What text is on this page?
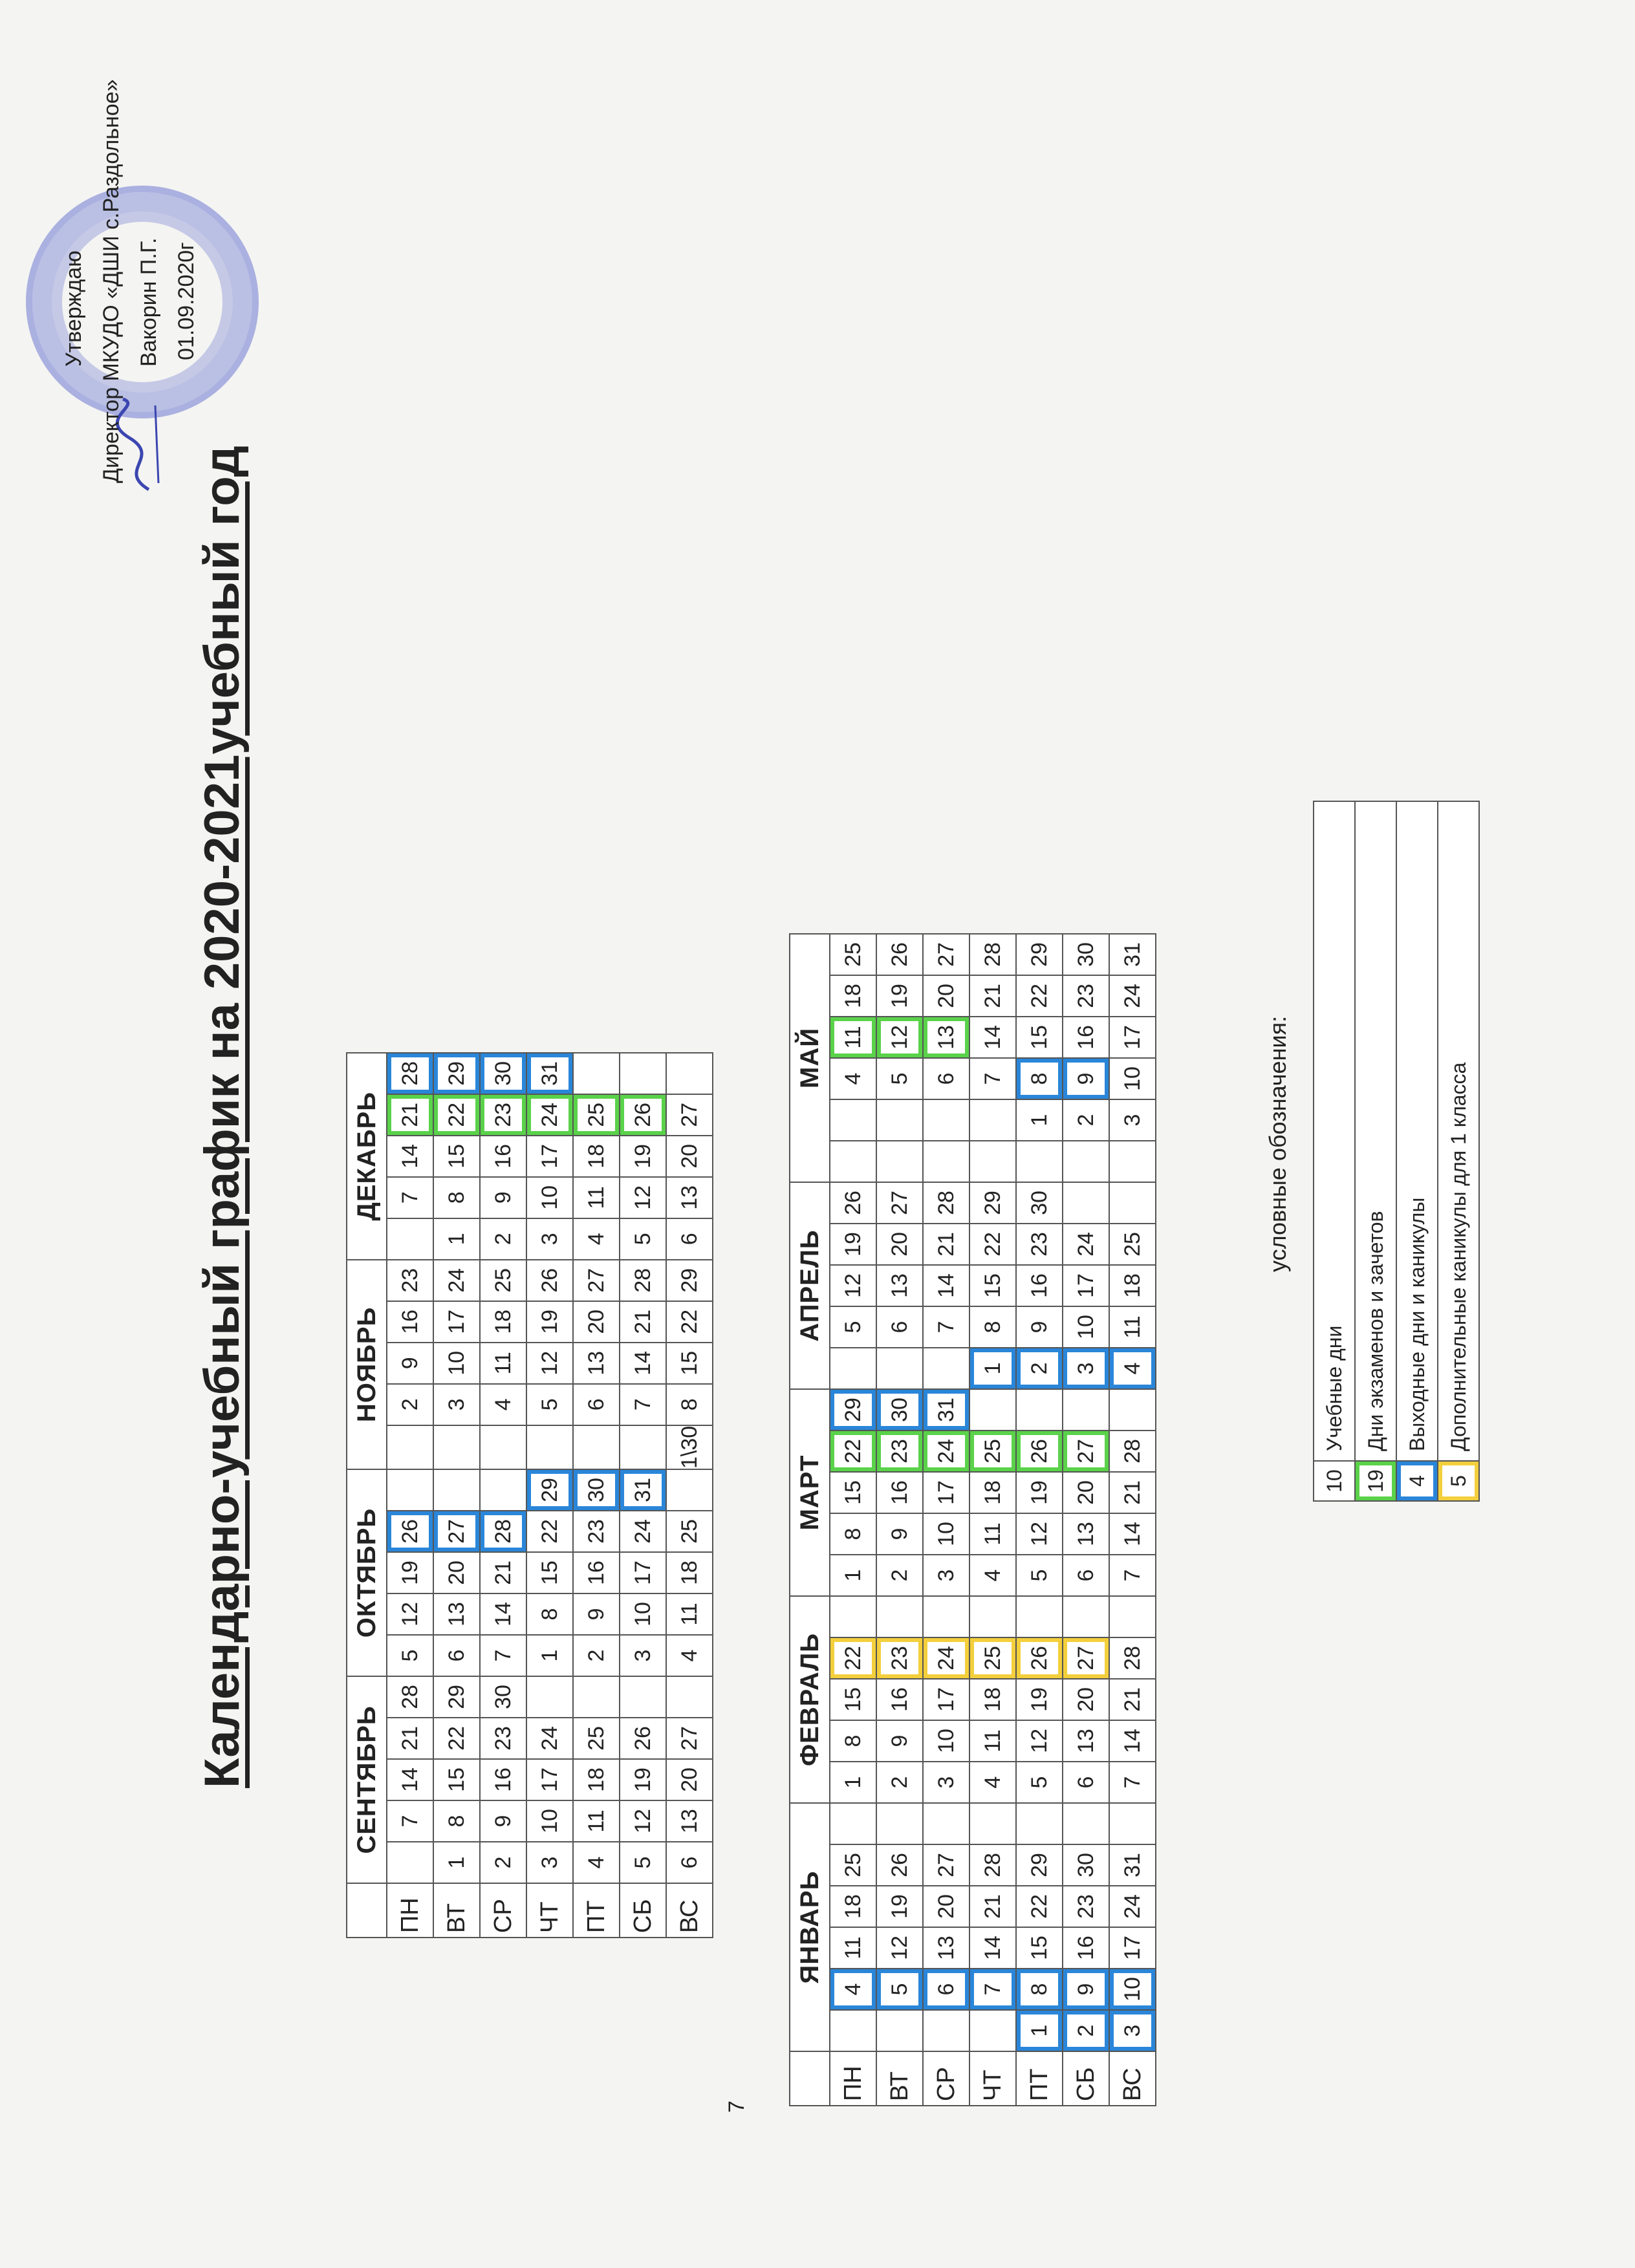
Утверждаю Директор МКУДО «ДШИ с.Раздольное» Вакорин П.Г. 01.09.2020г
Календарно-учебный график на 2020-2021учебный год
		СЕНТЯБРЬ					ОКТЯБРЬ					НОЯБРЬ					ДЕКАБРЬ				
ПН		7	14	21	28	5	12	19	26			2	9	16	23		7	14	21	28
ВТ	1	8	15	22	29	6	13	20	27			3	10	17	24	1	8	15	22	29
СР	2	9	16	23	30	7	14	21	28			4	11	18	25	2	9	16	23	30
ЧТ	3	10	17	24		1	8	15	22	29		5	12	19	26	3	10	17	24	31
ПТ	4	11	18	25		2	9	16	23	30		6	13	20	27	4	11	18	25	
СБ	5	12	19	26		3	10	17	24	31		7	14	21	28	5	12	19	26	
ВС	6	13	20	27		4	11	18	25		1\30	8	15	22	29	6	13	20	27	
7
	ЯНВАРЬ						ФЕВРАЛЬ					МАРТ					АПРЕЛЬ					МАЙ					
ПН		4	11	18	25		1	8	15	22		1	8	15	22	29		5	12	19	26			4	11	18	25
ВТ		5	12	19	26		2	9	16	23		2	9	16	23	30		6	13	20	27			5	12	19	26
СР		6	13	20	27		3	10	17	24		3	10	17	24	31		7	14	21	28			6	13	20	27
ЧТ		7	14	21	28		4	11	18	25		4	11	18	25		1	8	15	22	29			7	14	21	28
ПТ	1	8	15	22	29		5	12	19	26		5	12	19	26		2	9	16	23	30		1	8	15	22	29
СБ	2	9	16	23	30		6	13	20	27		6	13	20	27		3	10	17	24			2	9	16	23	30
ВС	3	10	17	24	31		7	14	21	28		7	14	21	28		4	11	18	25			3	10	17	24	31
условные обозначения:
10	Учебные дни
19	Дни экзаменов и зачетов
4	Выходные дни и каникулы
5	Дополнительные каникулы для 1 класса
